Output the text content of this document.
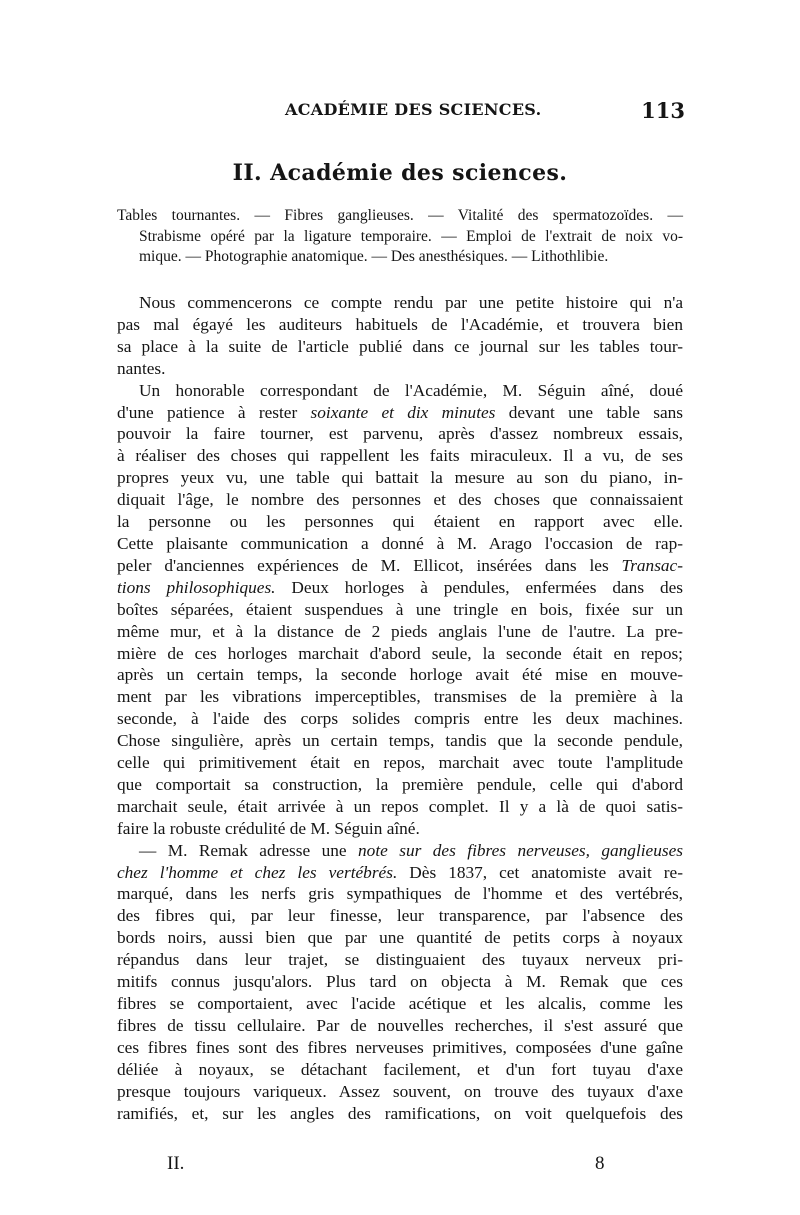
ACADÉMIE DES SCIENCES.	113
II. Académie des sciences.
Tables tournantes. — Fibres ganglieuses. — Vitalité des spermatozoïdes. —
Strabisme opéré par la ligature temporaire. — Emploi de l'extrait de noix vo-
mique. — Photographie anatomique. — Des anesthésiques. — Lithothlibie.
Nous commencerons ce compte rendu par une petite histoire qui n'a
pas mal égayé les auditeurs habituels de l'Académie, et trouvera bien
sa place à la suite de l'article publié dans ce journal sur les tables tour-
nantes.
Un honorable correspondant de l'Académie, M. Séguin aîné, doué
d'une patience à rester soixante et dix minutes devant une table sans
pouvoir la faire tourner, est parvenu, après d'assez nombreux essais,
à réaliser des choses qui rappellent les faits miraculeux. Il a vu, de ses
propres yeux vu, une table qui battait la mesure au son du piano, in-
diquait l'âge, le nombre des personnes et des choses que connaissaient
la personne ou les personnes qui étaient en rapport avec elle.
Cette plaisante communication a donné à M. Arago l'occasion de rap-
peler d'anciennes expériences de M. Ellicot, insérées dans les Transac-
tions philosophiques. Deux horloges à pendules, enfermées dans des
boîtes séparées, étaient suspendues à une tringle en bois, fixée sur un
même mur, et à la distance de 2 pieds anglais l'une de l'autre. La pre-
mière de ces horloges marchait d'abord seule, la seconde était en repos;
après un certain temps, la seconde horloge avait été mise en mouve-
ment par les vibrations imperceptibles, transmises de la première à la
seconde, à l'aide des corps solides compris entre les deux machines.
Chose singulière, après un certain temps, tandis que la seconde pendule,
celle qui primitivement était en repos, marchait avec toute l'amplitude
que comportait sa construction, la première pendule, celle qui d'abord
marchait seule, était arrivée à un repos complet. Il y a là de quoi satis-
faire la robuste crédulité de M. Séguin aîné.
— M. Remak adresse une note sur des fibres nerveuses, ganglieuses
chez l'homme et chez les vertébrés. Dès 1837, cet anatomiste avait re-
marqué, dans les nerfs gris sympathiques de l'homme et des vertébrés,
des fibres qui, par leur finesse, leur transparence, par l'absence des
bords noirs, aussi bien que par une quantité de petits corps à noyaux
répandus dans leur trajet, se distinguaient des tuyaux nerveux pri-
mitifs connus jusqu'alors. Plus tard on objecta à M. Remak que ces
fibres se comportaient, avec l'acide acétique et les alcalis, comme les
fibres de tissu cellulaire. Par de nouvelles recherches, il s'est assuré que
ces fibres fines sont des fibres nerveuses primitives, composées d'une gaîne
déliée à noyaux, se détachant facilement, et d'un fort tuyau d'axe
presque toujours variqueux. Assez souvent, on trouve des tuyaux d'axe
ramifiés, et, sur les angles des ramifications, on voit quelquefois des
II.	8
